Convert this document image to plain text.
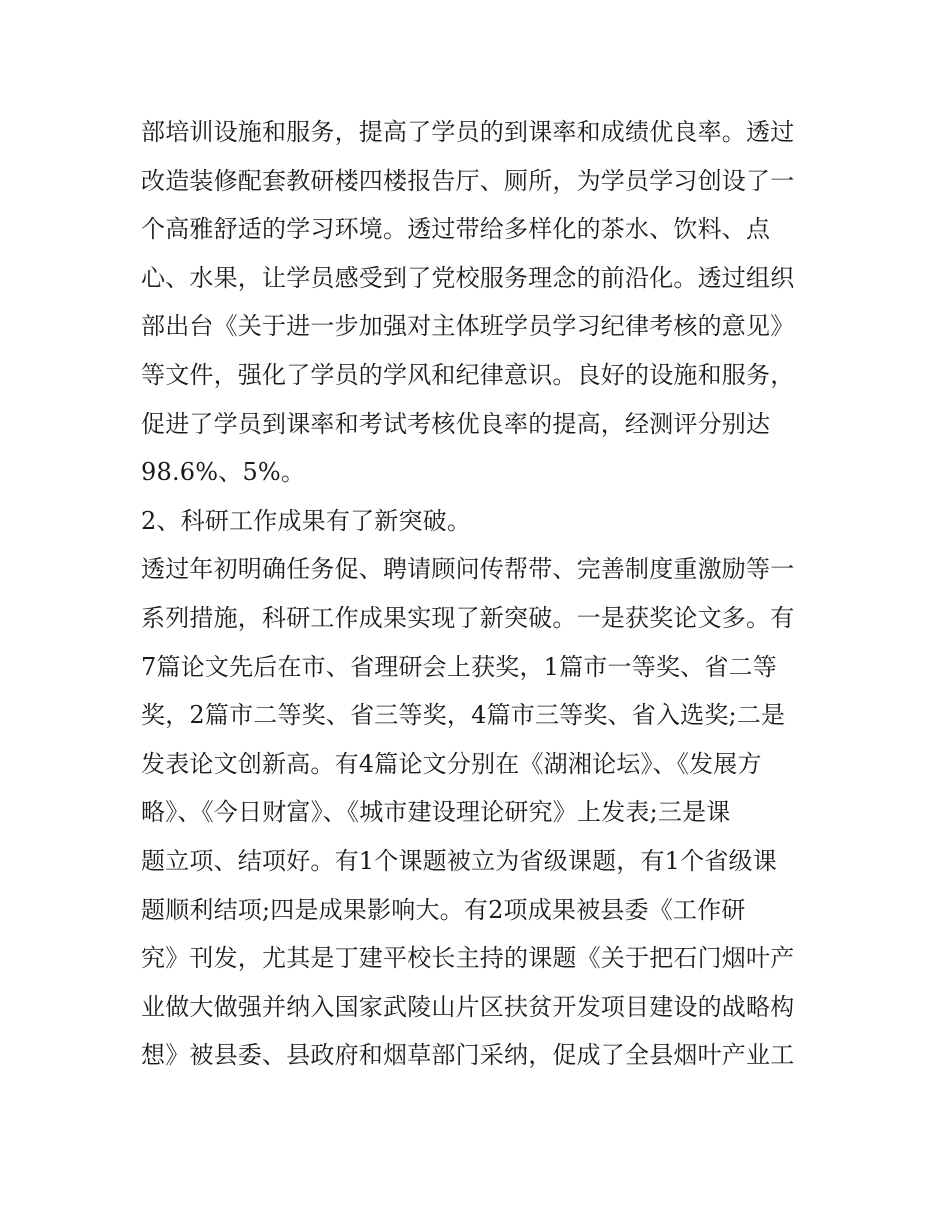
部培训设施和服务，提高了学员的到课率和成绩优良率。透过
改造装修配套教研楼四楼报告厅、厕所，为学员学习创设了一
个高雅舒适的学习环境。透过带给多样化的茶水、饮料、点
心、水果，让学员感受到了党校服务理念的前沿化。透过组织
部出台《关于进一步加强对主体班学员学习纪律考核的意见》
等文件，强化了学员的学风和纪律意识。良好的设施和服务，
促进了学员到课率和考试考核优良率的提高，经测评分别达
98.6%、5%。
2、科研工作成果有了新突破。
透过年初明确任务促、聘请顾问传帮带、完善制度重激励等一
系列措施，科研工作成果实现了新突破。一是获奖论文多。有
7篇论文先后在市、省理研会上获奖，1篇市一等奖、省二等
奖，2篇市二等奖、省三等奖，4篇市三等奖、省入选奖;二是
发表论文创新高。有4篇论文分别在《湖湘论坛》、《发展方
略》、《今日财富》、《城市建设理论研究》上发表;三是课
题立项、结项好。有1个课题被立为省级课题，有1个省级课
题顺利结项;四是成果影响大。有2项成果被县委《工作研
究》刊发，尤其是丁建平校长主持的课题《关于把石门烟叶产
业做大做强并纳入国家武陵山片区扶贫开发项目建设的战略构
想》被县委、县政府和烟草部门采纳，促成了全县烟叶产业工
